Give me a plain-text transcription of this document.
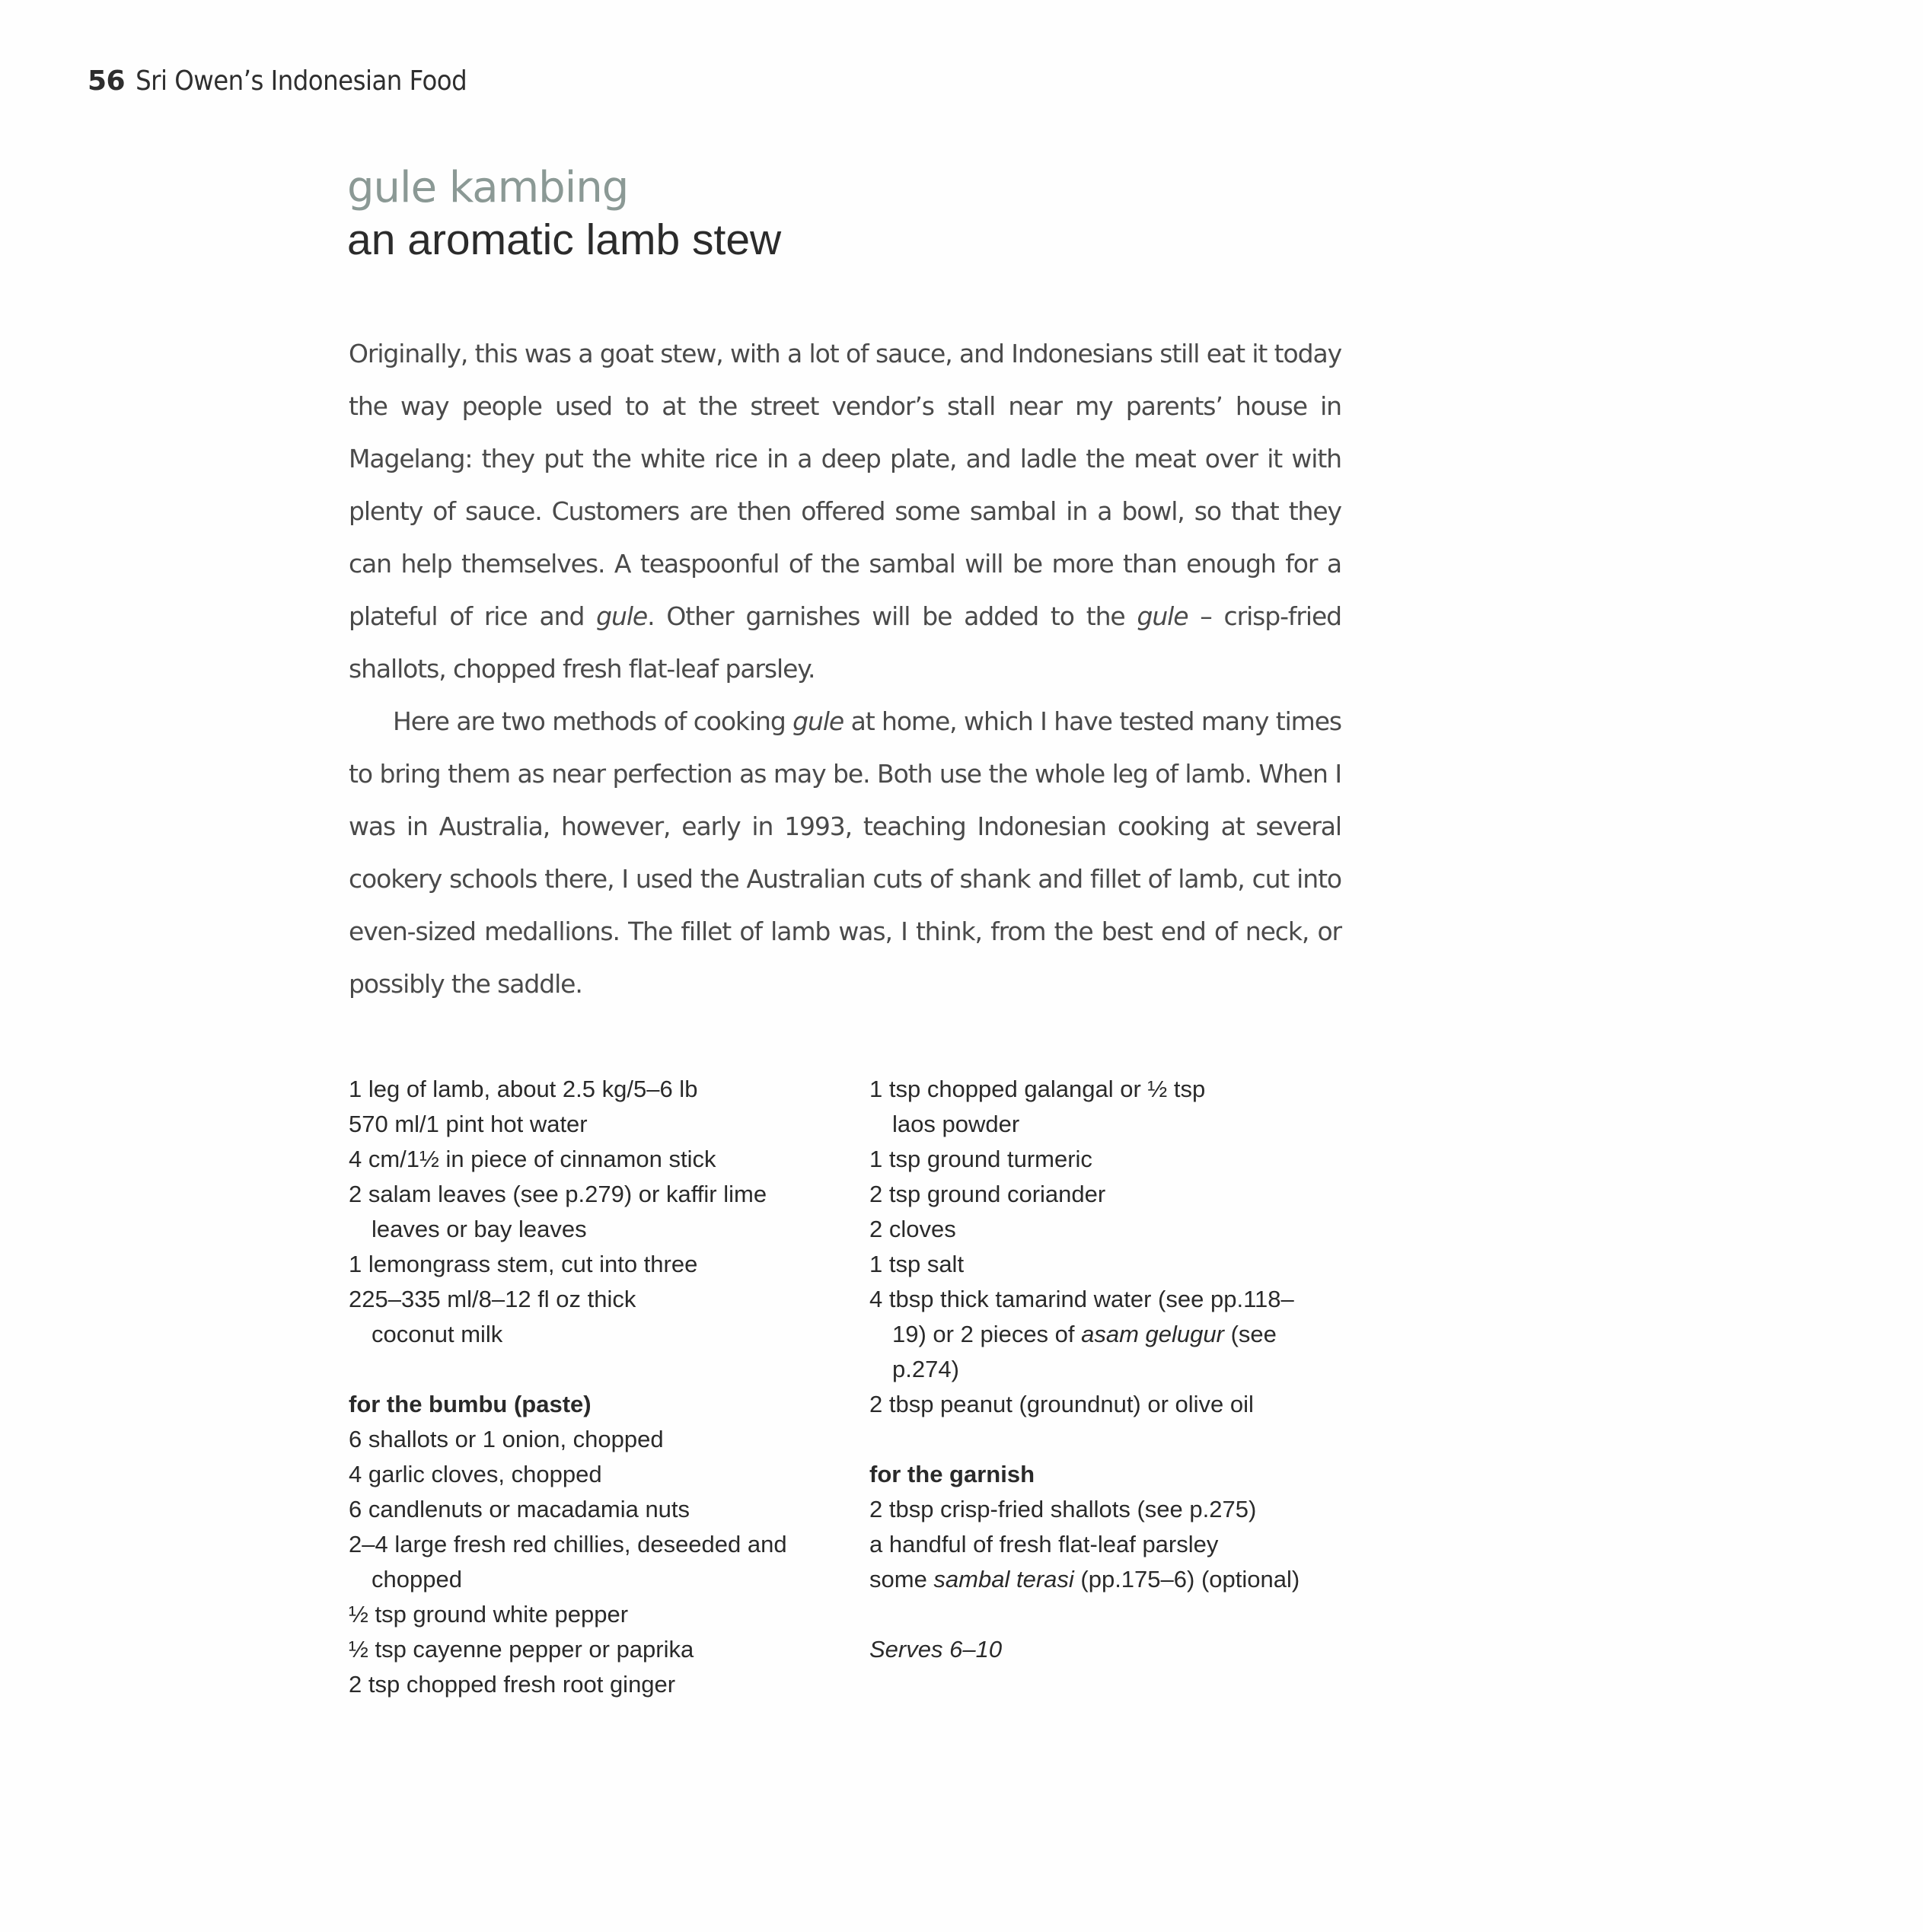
56 Sri Owen’s Indonesian Food
gule kambing
an aromatic lamb stew

Originally, this was a goat stew, with a lot of sauce, and Indonesians still eat it today the way people used to at the street vendor’s stall near my parents’ house in Magelang: they put the white rice in a deep plate, and ladle the meat over it with plenty of sauce. Customers are then offered some sambal in a bowl, so that they can help themselves. A teaspoonful of the sambal will be more than enough for a plateful of rice and gule. Other garnishes will be added to the gule – crisp-fried shallots, chopped fresh flat-leaf parsley.

Here are two methods of cooking gule at home, which I have tested many times to bring them as near perfection as may be. Both use the whole leg of lamb. When I was in Australia, however, early in 1993, teaching Indonesian cooking at several cookery schools there, I used the Australian cuts of shank and fillet of lamb, cut into even-sized medallions. The fillet of lamb was, I think, from the best end of neck, or possibly the saddle.

1 leg of lamb, about 2.5 kg/5–6 lb
570 ml/1 pint hot water
4 cm/1½ in piece of cinnamon stick
2 salam leaves (see p.279) or kaffir lime leaves or bay leaves
1 lemongrass stem, cut into three
225–335 ml/8–12 fl oz thick coconut milk
for the bumbu (paste)
6 shallots or 1 onion, chopped
4 garlic cloves, chopped
6 candlenuts or macadamia nuts
2–4 large fresh red chillies, deseeded and chopped
½ tsp ground white pepper
½ tsp cayenne pepper or paprika
2 tsp chopped fresh root ginger
1 tsp chopped galangal or ½ tsp laos powder
1 tsp ground turmeric
2 tsp ground coriander
2 cloves
1 tsp salt
4 tbsp thick tamarind water (see pp.118–19) or 2 pieces of asam gelugur (see p.274)
2 tbsp peanut (groundnut) or olive oil
for the garnish
2 tbsp crisp-fried shallots (see p.275)
a handful of fresh flat-leaf parsley
some sambal terasi (pp.175–6) (optional)
Serves 6–10
